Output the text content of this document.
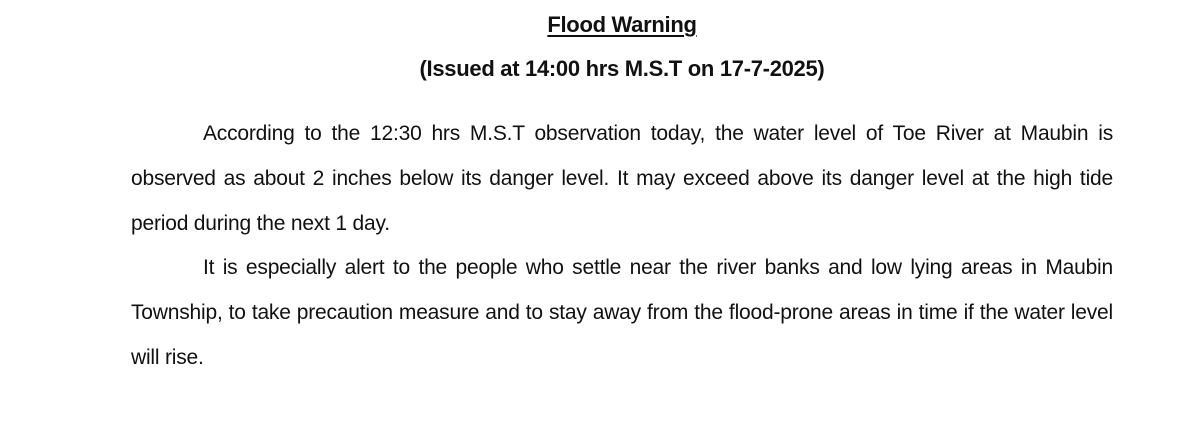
Flood Warning
(Issued at 14:00 hrs M.S.T on 17-7-2025)

According to the 12:30 hrs M.S.T observation today, the water level of Toe River at Maubin is observed as about 2 inches below its danger level. It may exceed above its danger level at the high tide period during the next 1 day.

It is especially alert to the people who settle near the river banks and low lying areas in Maubin Township, to take precaution measure and to stay away from the flood-prone areas in time if the water level will rise.
